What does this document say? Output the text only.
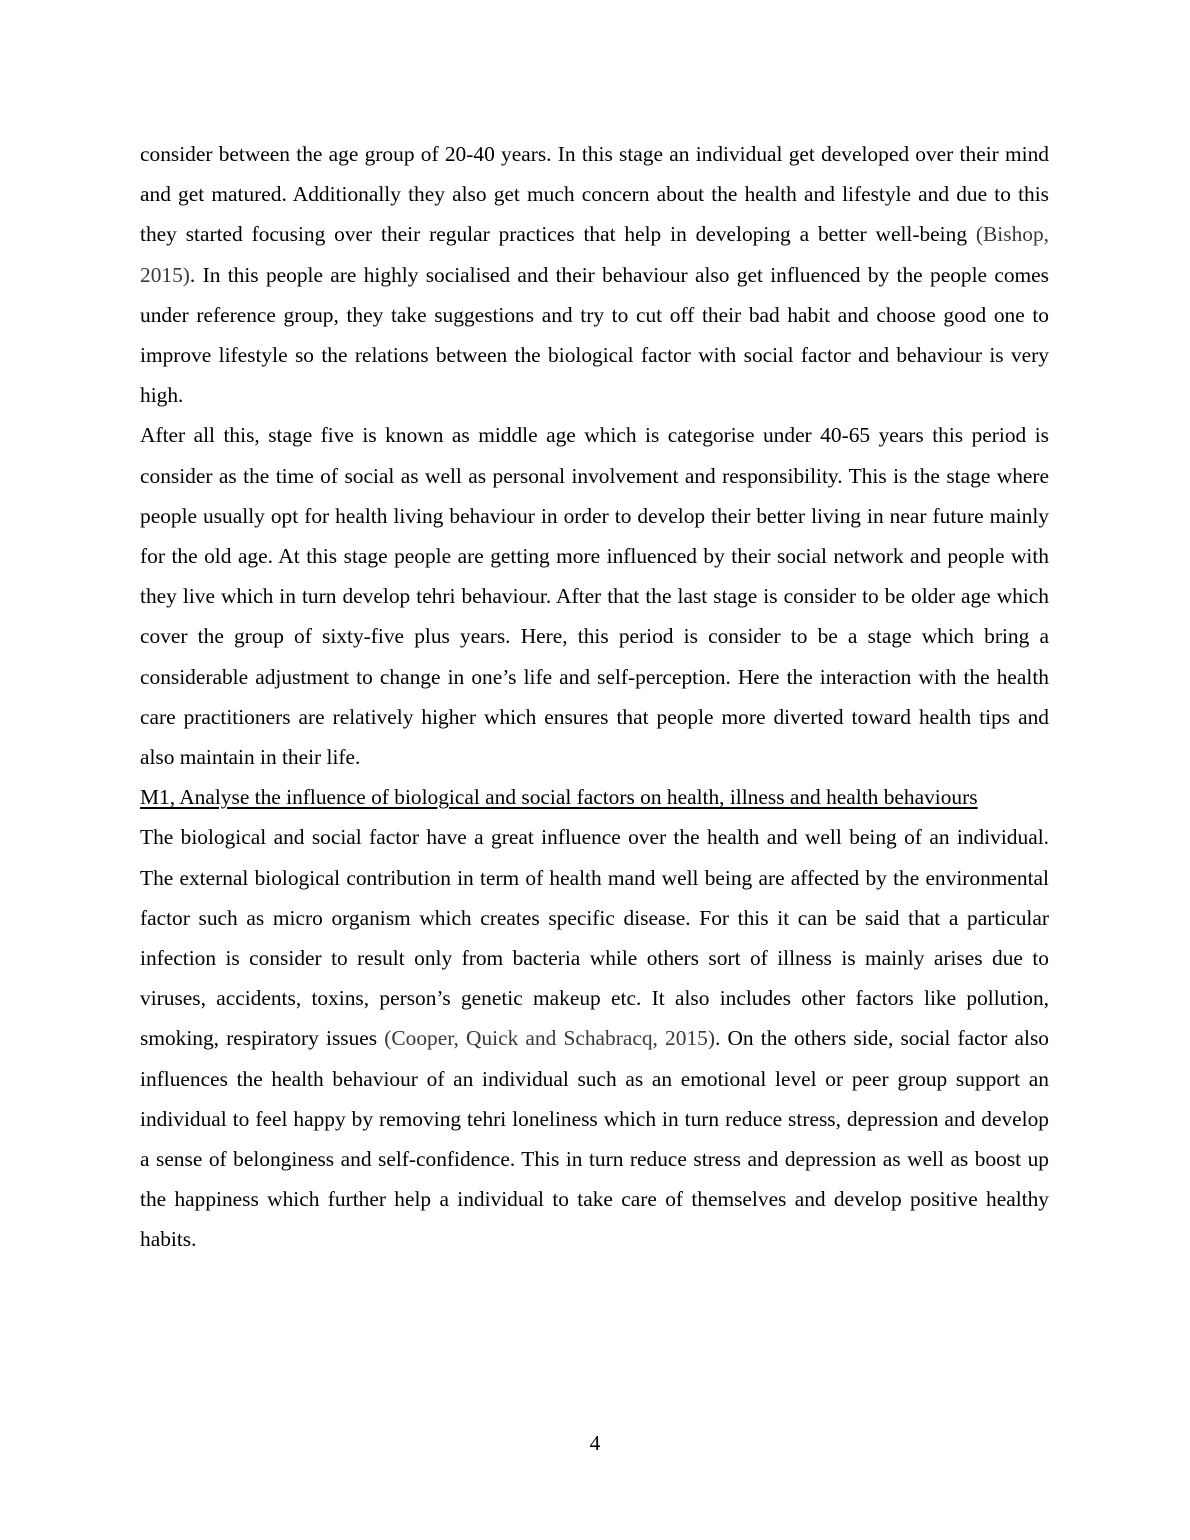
consider between the age group of 20-40 years. In this stage an individual get developed over their mind and get matured. Additionally they also get much concern about the health and lifestyle and due to this they started focusing over their regular practices that help in developing a better well-being (Bishop, 2015). In this people are highly socialised and their behaviour also get influenced by the people comes under reference group, they take suggestions and try to cut off their bad habit and choose good one to improve lifestyle so the relations between the biological factor with social factor and behaviour is very high.

After all this, stage five is known as middle age which is categorise under 40-65 years this period is consider as the time of social as well as personal involvement and responsibility. This is the stage where people usually opt for health living behaviour in order to develop their better living in near future mainly for the old age. At this stage people are getting more influenced by their social network and people with they live which in turn develop tehri behaviour. After that the last stage is consider to be older age which cover the group of sixty-five plus years. Here, this period is consider to be a stage which bring a considerable adjustment to change in one’s life and self-perception. Here the interaction with the health care practitioners are relatively higher which ensures that people more diverted toward health tips and also maintain in their life.

M1, Analyse the influence of biological and social factors on health, illness and health behaviours

The biological and social factor have a great influence over the health and well being of an individual. The external biological contribution in term of health mand well being are affected by the environmental factor such as micro organism which creates specific disease. For this it can be said that a particular infection is consider to result only from bacteria while others sort of illness is mainly arises due to viruses, accidents, toxins, person’s genetic makeup etc. It also includes other factors like pollution, smoking, respiratory issues (Cooper, Quick and Schabracq, 2015). On the others side, social factor also influences the health behaviour of an individual such as an emotional level or peer group support an individual to feel happy by removing tehri loneliness which in turn reduce stress, depression and develop a sense of belonginess and self-confidence. This in turn reduce stress and depression as well as boost up the happiness which further help a individual to take care of themselves and develop positive healthy habits.

4
